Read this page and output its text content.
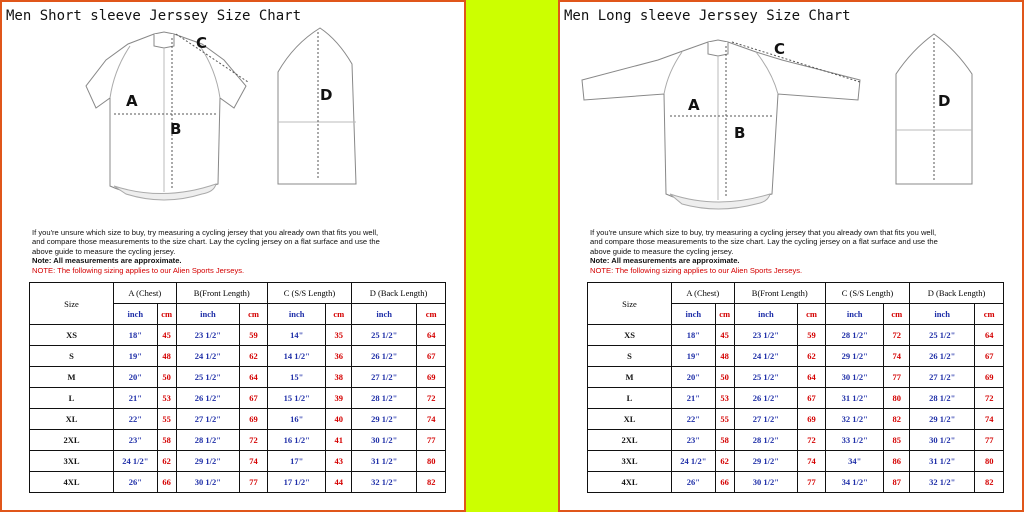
Men Short sleeve Jerssey Size Chart
A
B
C
D
If you're unsure which size to buy, try measuring a cycling jersey that you already own that fits you well,
and compare those measurements to the size chart. Lay the cycling jersey on a flat surface and use the
above guide to measure the cycling jersey.
Note: All measurements are approximate.
NOTE: The following sizing applies to our Alien Sports Jerseys.
Size	A (Chest)		B(Front Length)		C (S/S Length)		D (Back Length)	
	inch	cm	inch	cm	inch	cm	inch	cm
XS	18"	45	23 1/2"	59	14"	35	25 1/2"	64
S	19"	48	24 1/2"	62	14 1/2"	36	26 1/2"	67
M	20"	50	25 1/2"	64	15"	38	27 1/2"	69
L	21"	53	26 1/2"	67	15 1/2"	39	28 1/2"	72
XL	22"	55	27 1/2"	69	16"	40	29 1/2"	74
2XL	23"	58	28 1/2"	72	16 1/2"	41	30 1/2"	77
3XL	24 1/2"	62	29 1/2"	74	17"	43	31 1/2"	80
4XL	26"	66	30 1/2"	77	17 1/2"	44	32 1/2"	82
Men Long sleeve Jerssey Size Chart
A
B
C
D
If you're unsure which size to buy, try measuring a cycling jersey that you already own that fits you well,
and compare those measurements to the size chart. Lay the cycling jersey on a flat surface and use the
above guide to measure the cycling jersey.
Note: All measurements are approximate.
NOTE: The following sizing applies to our Alien Sports Jerseys.
Size	A (Chest)		B(Front Length)		C (S/S Length)		D (Back Length)	
	inch	cm	inch	cm	inch	cm	inch	cm
XS	18"	45	23 1/2"	59	28 1/2"	72	25 1/2"	64
S	19"	48	24 1/2"	62	29 1/2"	74	26 1/2"	67
M	20"	50	25 1/2"	64	30 1/2"	77	27 1/2"	69
L	21"	53	26 1/2"	67	31 1/2"	80	28 1/2"	72
XL	22"	55	27 1/2"	69	32 1/2"	82	29 1/2"	74
2XL	23"	58	28 1/2"	72	33 1/2"	85	30 1/2"	77
3XL	24 1/2"	62	29 1/2"	74	34"	86	31 1/2"	80
4XL	26"	66	30 1/2"	77	34 1/2"	87	32 1/2"	82
